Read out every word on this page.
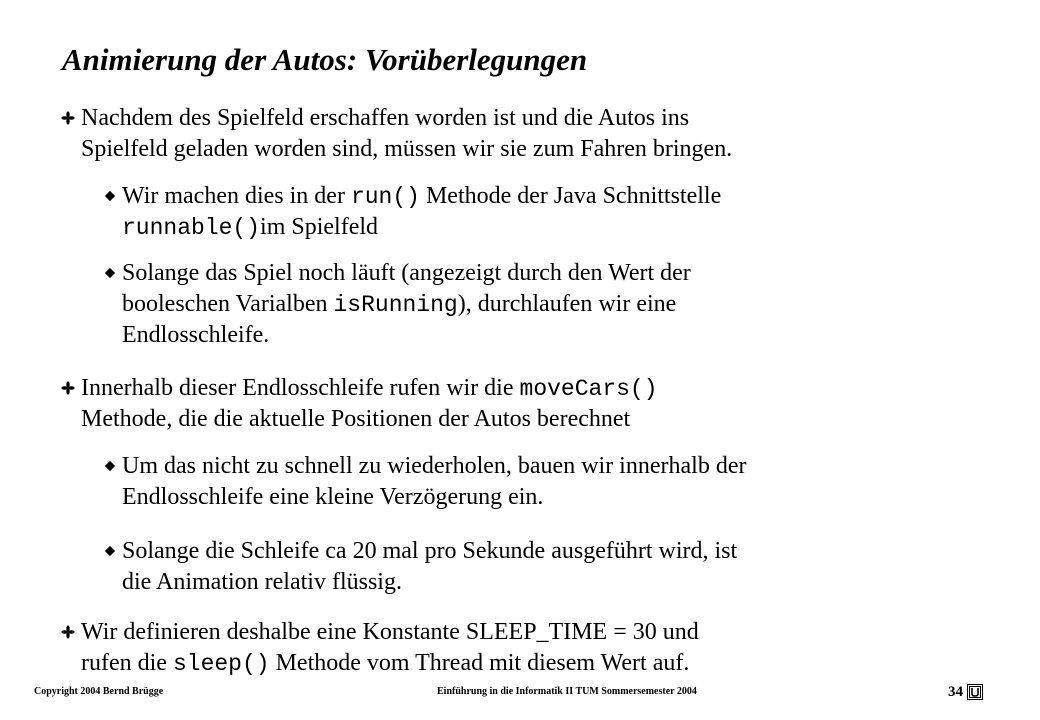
Animierung der Autos: Vorüberlegungen
Nachdem des Spielfeld erschaffen worden ist und die Autos ins
Spielfeld geladen worden sind, müssen wir sie zum Fahren bringen.
Wir machen dies in der run() Methode der Java Schnittstelle
runnable()im Spielfeld
Solange das Spiel noch läuft (angezeigt durch den Wert der
booleschen Varialben isRunning), durchlaufen wir eine
Endlosschleife.
Innerhalb dieser Endlosschleife rufen wir die moveCars()
Methode, die die aktuelle Positionen der Autos berechnet
Um das nicht zu schnell zu wiederholen, bauen wir innerhalb der
Endlosschleife eine kleine Verzögerung ein.
Solange die Schleife ca 20 mal pro Sekunde ausgeführt wird, ist
die Animation relativ flüssig.
Wir definieren deshalbe eine Konstante SLEEP_TIME = 30 und
rufen die sleep() Methode vom Thread mit diesem Wert auf.
Copyright 2004 Bernd Brügge	Einführung in die Informatik II TUM Sommersemester 2004	34
